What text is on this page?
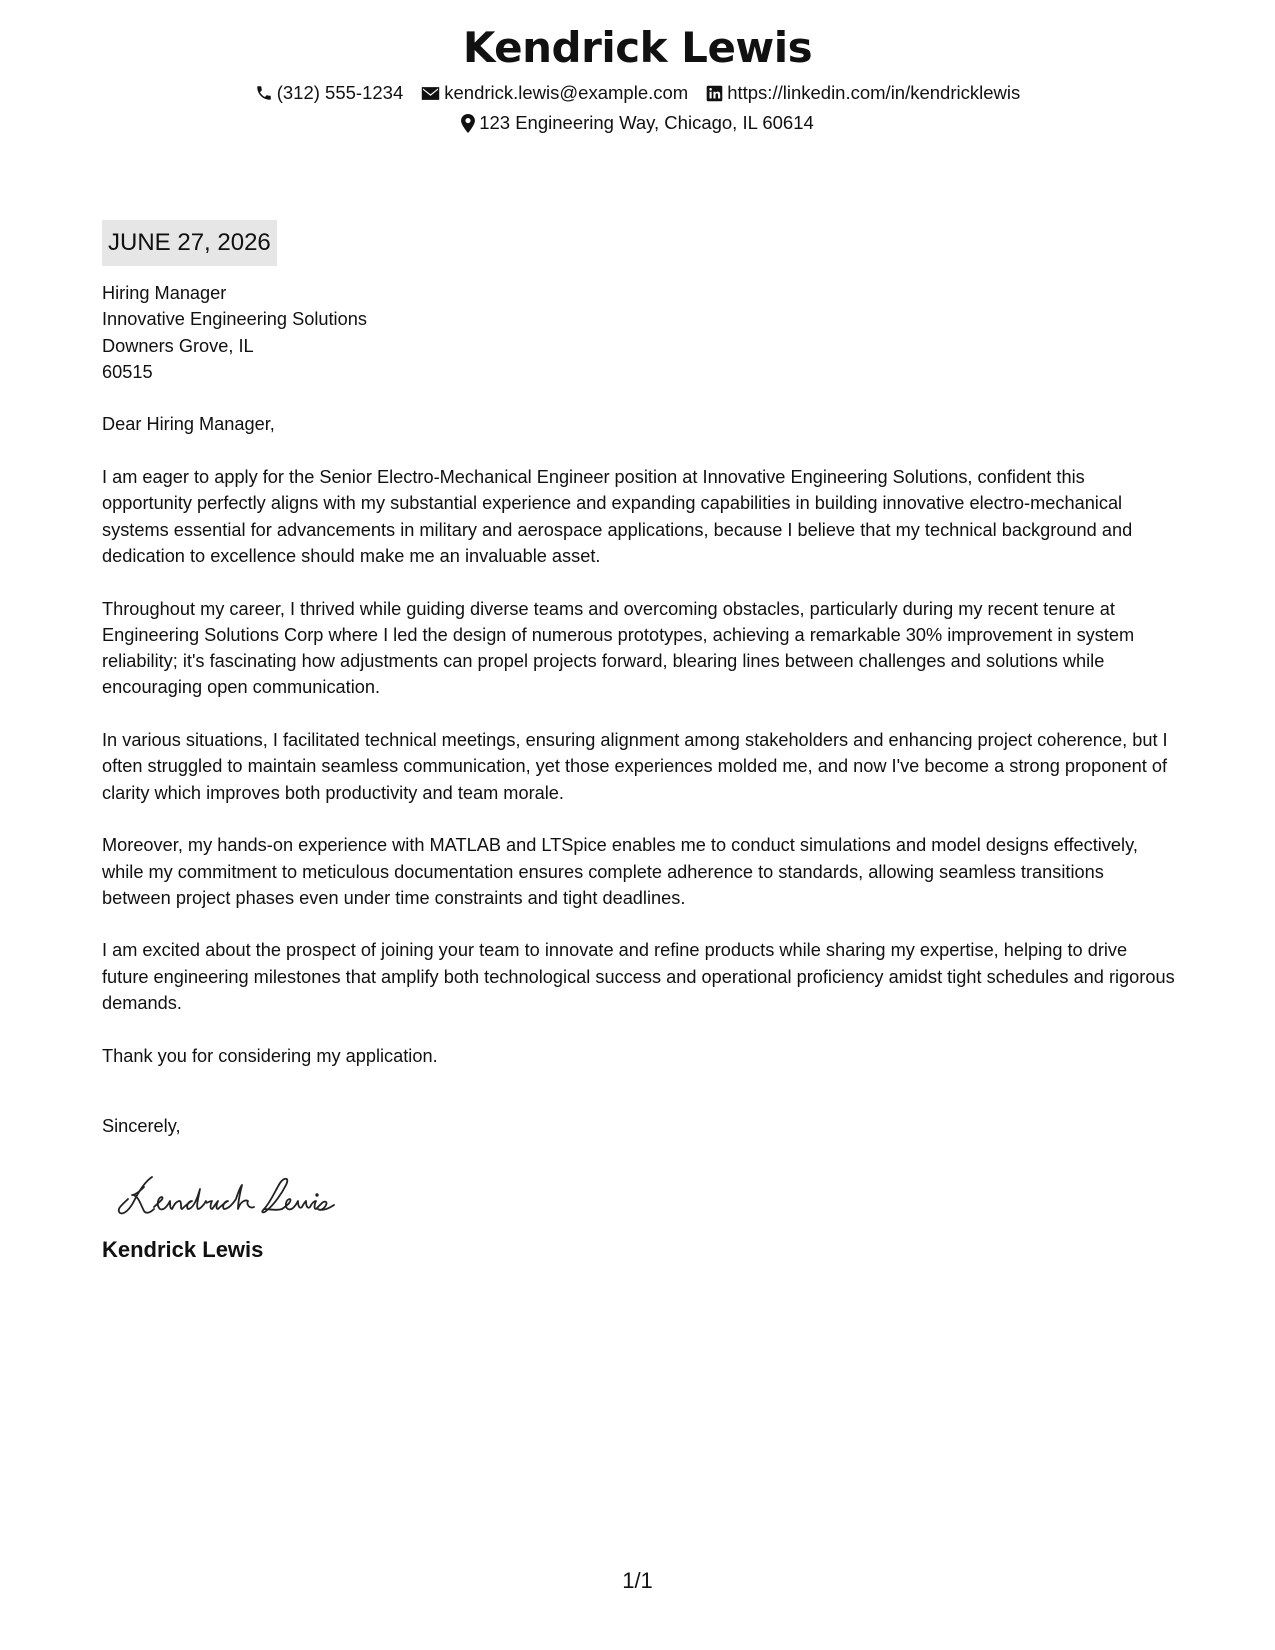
Kendrick Lewis
(312) 555-1234 kendrick.lewis@example.com https://linkedin.com/in/kendricklewis
123 Engineering Way, Chicago, IL 60614
JUNE 27, 2026
Hiring Manager
Innovative Engineering Solutions
Downers Grove, IL
60515

Dear Hiring Manager,

I am eager to apply for the Senior Electro-Mechanical Engineer position at Innovative Engineering Solutions, confident this opportunity perfectly aligns with my substantial experience and expanding capabilities in building innovative electro-mechanical systems essential for advancements in military and aerospace applications, because I believe that my technical background and dedication to excellence should make me an invaluable asset.

Throughout my career, I thrived while guiding diverse teams and overcoming obstacles, particularly during my recent tenure at Engineering Solutions Corp where I led the design of numerous prototypes, achieving a remarkable 30% improvement in system reliability; it's fascinating how adjustments can propel projects forward, blearing lines between challenges and solutions while encouraging open communication.

In various situations, I facilitated technical meetings, ensuring alignment among stakeholders and enhancing project coherence, but I often struggled to maintain seamless communication, yet those experiences molded me, and now I've become a strong proponent of clarity which improves both productivity and team morale.

Moreover, my hands-on experience with MATLAB and LTSpice enables me to conduct simulations and model designs effectively, while my commitment to meticulous documentation ensures complete adherence to standards, allowing seamless transitions between project phases even under time constraints and tight deadlines.

I am excited about the prospect of joining your team to innovate and refine products while sharing my expertise, helping to drive future engineering milestones that amplify both technological success and operational proficiency amidst tight schedules and rigorous demands.

Thank you for considering my application.

Sincerely,
Kendrick Lewis
1/1
